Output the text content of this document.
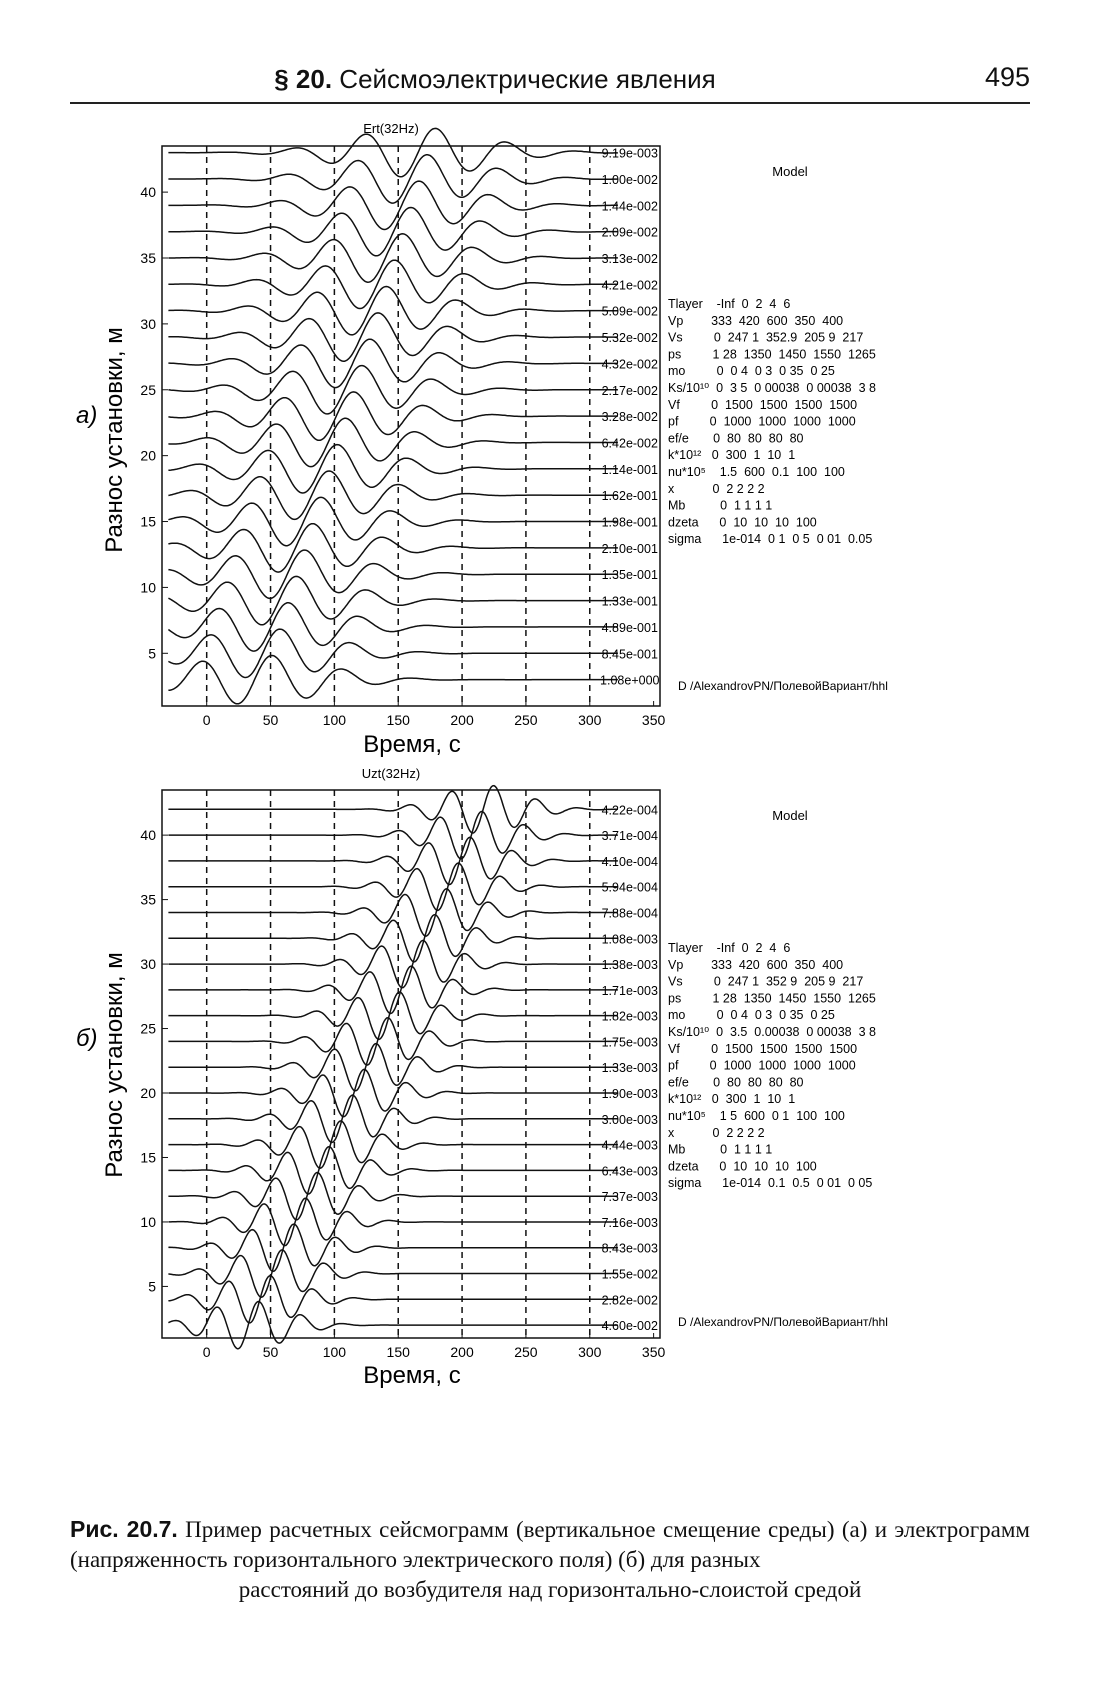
§ 20. Сейсмоэлектрические явления	495
Ert(32Hz)
0	50	100	150	200	250	300	350
5
10
15
20
25
30
35
40
1.08e+000
8.45e-001
4.89e-001
1.33e-001
1.35e-001
2.10e-001
1.98e-001
1.62e-001
1.14e-001
6.42e-002
3.28e-002
2.17e-002
4.32e-002
5.32e-002
5.09e-002
4.21e-002
3.13e-002
2.09e-002
1.44e-002
1.00e-002
9.19e-003
Время, с
Разнос установки, м
а)
Model
Tlayer    -Inf  0  2  4  6
Vp        333  420  600  350  400
Vs         0  247 1  352.9  205 9  217
ps         1 28  1350  1450  1550  1265
mo         0  0 4  0 3  0 35  0 25
Ks/10¹⁰  0  3 5  0 00038  0 00038  3 8
Vf         0  1500  1500  1500  1500
pf         0  1000  1000  1000  1000
ef/e       0  80  80  80  80
k*10¹²   0  300  1  10  1
nu*10⁵    1.5  600  0.1  100  100
x           0  2 2 2 2
Mb          0  1 1 1 1
dzeta      0  10  10  10  100
sigma      1e-014  0 1  0 5  0 01  0.05
D /AlexandrovPN/ПолевойВариант/hhl
Uzt(32Hz)
0	50	100	150	200	250	300	350
5
10
15
20
25
30
35
40
4.60e-002
2.82e-002
1.55e-002
8.43e-003
7.16e-003
7.37e-003
6.43e-003
4.44e-003
3.00e-003
1.90e-003
1.33e-003
1.75e-003
1.82e-003
1.71e-003
1.38e-003
1.08e-003
7.88e-004
5.94e-004
4.10e-004
3.71e-004
4.22e-004
Время, с
Разнос установки, м
б)
Model
Tlayer    -Inf  0  2  4  6
Vp        333  420  600  350  400
Vs         0  247 1  352 9  205 9  217
ps         1 28  1350  1450  1550  1265
mo         0  0 4  0 3  0 35  0 25
Ks/10¹⁰  0  3.5  0.00038  0 00038  3 8
Vf         0  1500  1500  1500  1500
pf         0  1000  1000  1000  1000
ef/e       0  80  80  80  80
k*10¹²   0  300  1  10  1
nu*10⁵    1 5  600  0 1  100  100
x           0  2 2 2 2
Mb          0  1 1 1 1
dzeta      0  10  10  10  100
sigma      1e-014  0.1  0.5  0 01  0 05
D /AlexandrovPN/ПолевойВариант/hhl
Рис. 20.7. Пример расчетных сейсмограмм (вертикальное смещение среды) (а) и электрограмм (напряженность горизонтального электрического поля) (б) для разных
расстояний до возбудителя над горизонтально-слоистой средой
